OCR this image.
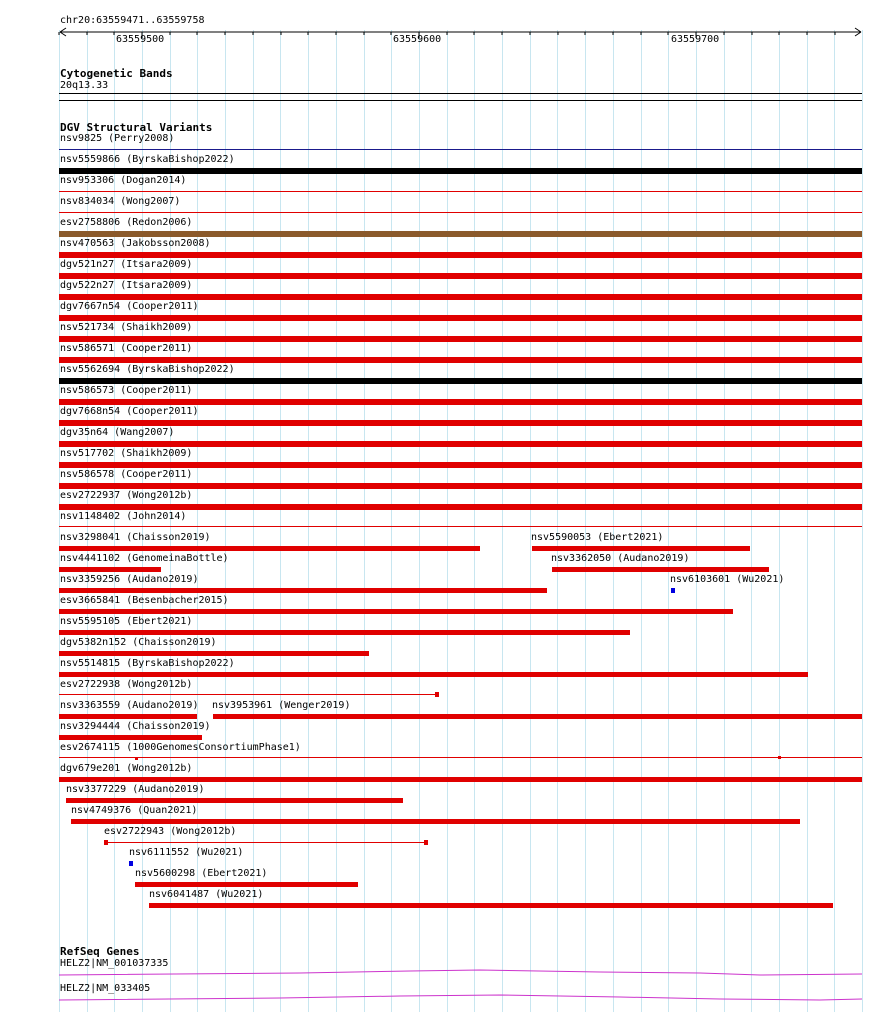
chr20:63559471..63559758
63559500	63559600	63559700
Cytogenetic Bands
20q13.33
DGV Structural Variants
nsv9825 (Perry2008)
nsv5559866 (ByrskaBishop2022)
nsv953306 (Dogan2014)
nsv834034 (Wong2007)
esv2758806 (Redon2006)
nsv470563 (Jakobsson2008)
dgv521n27 (Itsara2009)
dgv522n27 (Itsara2009)
dgv7667n54 (Cooper2011)
nsv521734 (Shaikh2009)
nsv586571 (Cooper2011)
nsv5562694 (ByrskaBishop2022)
nsv586573 (Cooper2011)
dgv7668n54 (Cooper2011)
dgv35n64 (Wang2007)
nsv517702 (Shaikh2009)
nsv586578 (Cooper2011)
esv2722937 (Wong2012b)
nsv1148402 (John2014)
nsv3298041 (Chaisson2019)	nsv5590053 (Ebert2021)
nsv4441102 (GenomeinaBottle)	nsv3362050 (Audano2019)
nsv3359256 (Audano2019)	nsv6103601 (Wu2021)
esv3665841 (Besenbacher2015)
nsv5595105 (Ebert2021)
dgv5382n152 (Chaisson2019)
nsv5514815 (ByrskaBishop2022)
esv2722938 (Wong2012b)
nsv3363559 (Audano2019) nsv3953961 (Wenger2019)
nsv3294444 (Chaisson2019)
esv2674115 (1000GenomesConsortiumPhase1)
dgv679e201 (Wong2012b)
nsv3377229 (Audano2019)
nsv4749376 (Quan2021)
esv2722943 (Wong2012b)
nsv6111552 (Wu2021)
nsv5600298 (Ebert2021)
nsv6041487 (Wu2021)
RefSeq Genes
HELZ2|NM_001037335
HELZ2|NM_033405
